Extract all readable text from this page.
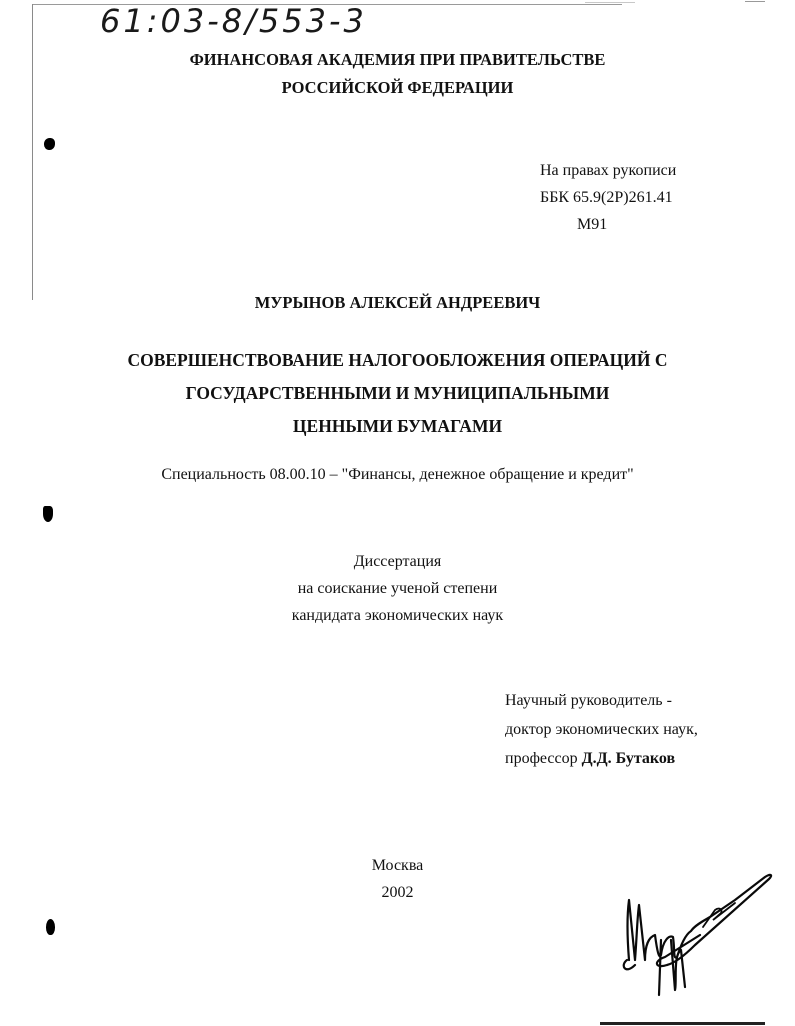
61:03-8/553-3
ФИНАНСОВАЯ АКАДЕМИЯ ПРИ ПРАВИТЕЛЬСТВЕ
РОССИЙСКОЙ ФЕДЕРАЦИИ
На правах рукописи
ББК 65.9(2Р)261.41
М91
МУРЫНОВ АЛЕКСЕЙ АНДРЕЕВИЧ
СОВЕРШЕНСТВОВАНИЕ НАЛОГООБЛОЖЕНИЯ ОПЕРАЦИЙ С
ГОСУДАРСТВЕННЫМИ И МУНИЦИПАЛЬНЫМИ
ЦЕННЫМИ БУМАГАМИ
Специальность 08.00.10 – "Финансы, денежное обращение и кредит"
Диссертация
на соискание ученой степени
кандидата экономических наук
Научный руководитель -
доктор экономических наук,
профессор Д.Д. Бутаков
Москва
2002
